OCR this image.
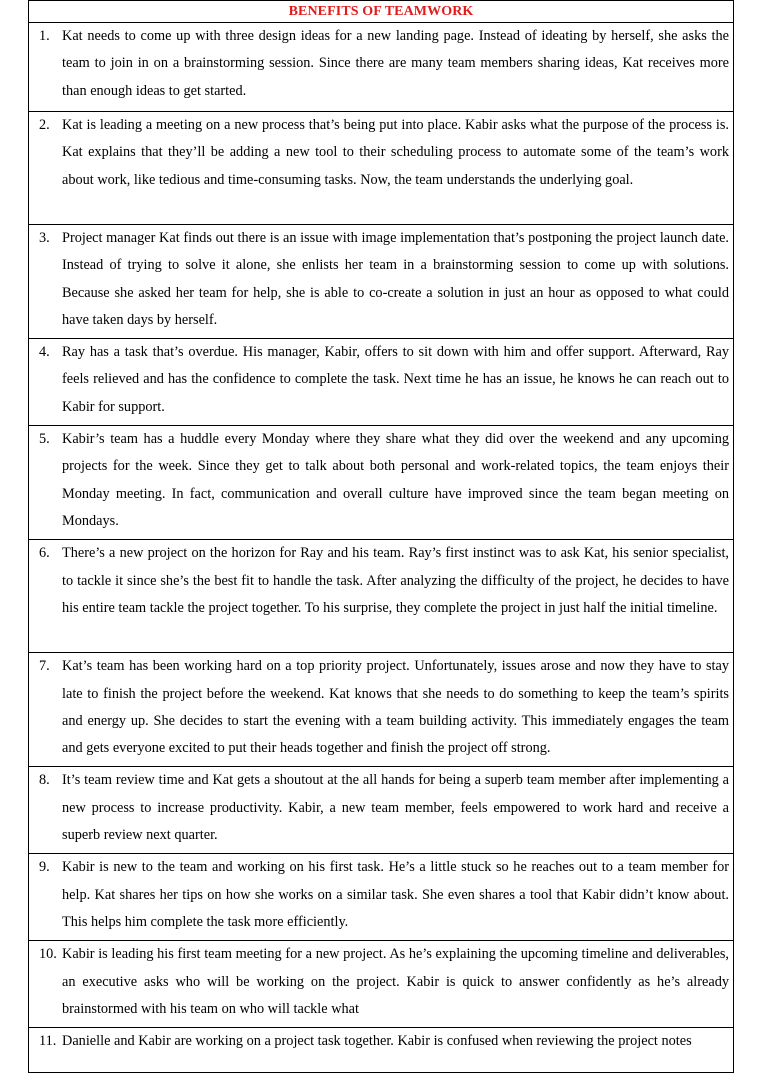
BENEFITS OF TEAMWORK

1. Kat needs to come up with three design ideas for a new landing page. Instead of ideating by herself, she asks the team to join in on a brainstorming session. Since there are many team members sharing ideas, Kat receives more than enough ideas to get started.

2. Kat is leading a meeting on a new process that’s being put into place. Kabir asks what the purpose of the process is. Kat explains that they’ll be adding a new tool to their scheduling process to automate some of the team’s work about work, like tedious and time-consuming tasks. Now, the team understands the underlying goal.

3. Project manager Kat finds out there is an issue with image implementation that’s postponing the project launch date. Instead of trying to solve it alone, she enlists her team in a brainstorming session to come up with solutions. Because she asked her team for help, she is able to co-create a solution in just an hour as opposed to what could have taken days by herself.

4. Ray has a task that’s overdue. His manager, Kabir, offers to sit down with him and offer support. Afterward, Ray feels relieved and has the confidence to complete the task. Next time he has an issue, he knows he can reach out to Kabir for support.

5. Kabir’s team has a huddle every Monday where they share what they did over the weekend and any upcoming projects for the week. Since they get to talk about both personal and work-related topics, the team enjoys their Monday meeting. In fact, communication and overall culture have improved since the team began meeting on Mondays.

6. There’s a new project on the horizon for Ray and his team. Ray’s first instinct was to ask Kat, his senior specialist, to tackle it since she’s the best fit to handle the task. After analyzing the difficulty of the project, he decides to have his entire team tackle the project together. To his surprise, they complete the project in just half the initial timeline.

7. Kat’s team has been working hard on a top priority project. Unfortunately, issues arose and now they have to stay late to finish the project before the weekend. Kat knows that she needs to do something to keep the team’s spirits and energy up. She decides to start the evening with a team building activity. This immediately engages the team and gets everyone excited to put their heads together and finish the project off strong.

8. It’s team review time and Kat gets a shoutout at the all hands for being a superb team member after implementing a new process to increase productivity. Kabir, a new team member, feels empowered to work hard and receive a superb review next quarter.

9. Kabir is new to the team and working on his first task. He’s a little stuck so he reaches out to a team member for help. Kat shares her tips on how she works on a similar task. She even shares a tool that Kabir didn’t know about. This helps him complete the task more efficiently.

10. Kabir is leading his first team meeting for a new project. As he’s explaining the upcoming timeline and deliverables, an executive asks who will be working on the project. Kabir is quick to answer confidently as he’s already brainstormed with his team on who will tackle what

11. Danielle and Kabir are working on a project task together. Kabir is confused when reviewing the project notes
